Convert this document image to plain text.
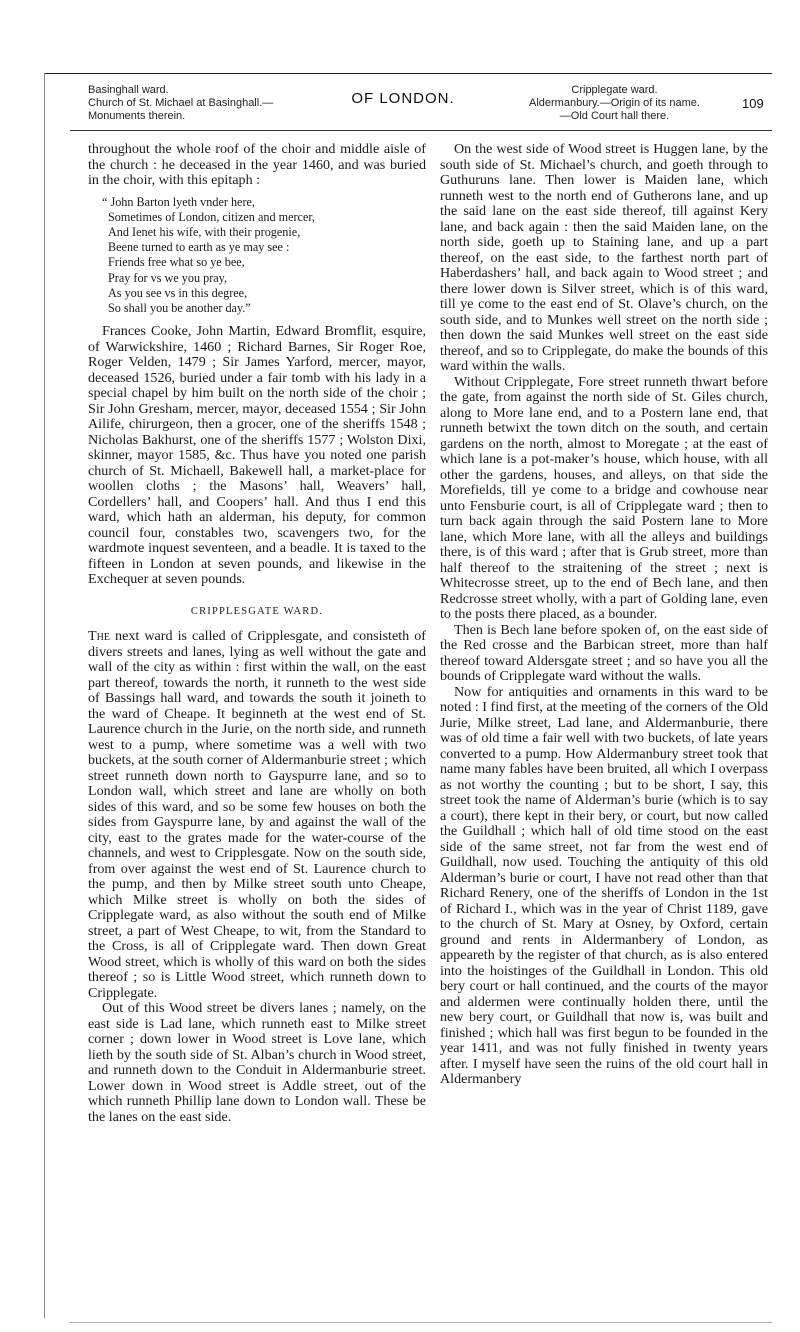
Basinghall ward.
Church of St. Michael at Basinghall.—
Monuments therein.
OF LONDON.	Cripplegate ward.
Aldermanbury.—Origin of its name.
—Old Court hall there.
109

throughout the whole roof of the choir and middle aisle of the church : he deceased in the year 1460, and was buried in the choir, with this epitaph :

“ John Barton lyeth vnder here,
Sometimes of London, citizen and mercer,
And Ienet his wife, with their progenie,
Beene turned to earth as ye may see :
Friends free what so ye bee,
Pray for vs we you pray,
As you see vs in this degree,
So shall you be another day.”

Frances Cooke, John Martin, Edward Bromflit, esquire, of Warwickshire, 1460 ; Richard Barnes, Sir Roger Roe, Roger Velden, 1479 ; Sir James Yarford, mercer, mayor, deceased 1526, buried under a fair tomb with his lady in a special chapel by him built on the north side of the choir ; Sir John Gresham, mercer, mayor, deceased 1554 ; Sir John Ailife, chirurgeon, then a grocer, one of the sheriffs 1548 ; Nicholas Bakhurst, one of the sheriffs 1577 ; Wolston Dixi, skinner, mayor 1585, &c. Thus have you noted one parish church of St. Michaell, Bakewell hall, a market-place for woollen cloths ; the Masons’ hall, Weavers’ hall, Cordellers’ hall, and Coopers’ hall. And thus I end this ward, which hath an alderman, his deputy, for common council four, constables two, scavengers two, for the wardmote inquest seventeen, and a beadle. It is taxed to the fifteen in London at seven pounds, and likewise in the Exchequer at seven pounds.

CRIPPLESGATE WARD.

The next ward is called of Cripplesgate, and consisteth of divers streets and lanes, lying as well without the gate and wall of the city as within : first within the wall, on the east part thereof, towards the north, it runneth to the west side of Bassings hall ward, and towards the south it joineth to the ward of Cheape. It beginneth at the west end of St. Laurence church in the Jurie, on the north side, and runneth west to a pump, where sometime was a well with two buckets, at the south corner of Aldermanburie street ; which street runneth down north to Gayspurre lane, and so to London wall, which street and lane are wholly on both sides of this ward, and so be some few houses on both the sides from Gayspurre lane, by and against the wall of the city, east to the grates made for the water-course of the channels, and west to Cripplesgate. Now on the south side, from over against the west end of St. Laurence church to the pump, and then by Milke street south unto Cheape, which Milke street is wholly on both the sides of Cripplegate ward, as also without the south end of Milke street, a part of West Cheape, to wit, from the Standard to the Cross, is all of Cripplegate ward. Then down Great Wood street, which is wholly of this ward on both the sides thereof ; so is Little Wood street, which runneth down to Cripplegate.

Out of this Wood street be divers lanes ; namely, on the east side is Lad lane, which runneth east to Milke street corner ; down lower in Wood street is Love lane, which lieth by the south side of St. Alban’s church in Wood street, and runneth down to the Conduit in Aldermanburie street. Lower down in Wood street is Addle street, out of the which runneth Phillip lane down to London wall. These be the lanes on the east side.

On the west side of Wood street is Huggen lane, by the south side of St. Michael’s church, and goeth through to Guthuruns lane. Then lower is Maiden lane, which runneth west to the north end of Gutherons lane, and up the said lane on the east side thereof, till against Kery lane, and back again : then the said Maiden lane, on the north side, goeth up to Staining lane, and up a part thereof, on the east side, to the farthest north part of Haberdashers’ hall, and back again to Wood street ; and there lower down is Silver street, which is of this ward, till ye come to the east end of St. Olave’s church, on the south side, and to Munkes well street on the north side ; then down the said Munkes well street on the east side thereof, and so to Cripplegate, do make the bounds of this ward within the walls.

Without Cripplegate, Fore street runneth thwart before the gate, from against the north side of St. Giles church, along to More lane end, and to a Postern lane end, that runneth betwixt the town ditch on the south, and certain gardens on the north, almost to Moregate ; at the east of which lane is a pot-maker’s house, which house, with all other the gardens, houses, and alleys, on that side the Morefields, till ye come to a bridge and cowhouse near unto Fensburie court, is all of Cripplegate ward ; then to turn back again through the said Postern lane to More lane, which More lane, with all the alleys and buildings there, is of this ward ; after that is Grub street, more than half thereof to the straitening of the street ; next is Whitecrosse street, up to the end of Bech lane, and then Redcrosse street wholly, with a part of Golding lane, even to the posts there placed, as a bounder.

Then is Bech lane before spoken of, on the east side of the Red crosse and the Barbican street, more than half thereof toward Aldersgate street ; and so have you all the bounds of Cripplegate ward without the walls.

Now for antiquities and ornaments in this ward to be noted : I find first, at the meeting of the corners of the Old Jurie, Milke street, Lad lane, and Aldermanburie, there was of old time a fair well with two buckets, of late years converted to a pump. How Aldermanbury street took that name many fables have been bruited, all which I overpass as not worthy the counting ; but to be short, I say, this street took the name of Alderman’s burie (which is to say a court), there kept in their bery, or court, but now called the Guildhall ; which hall of old time stood on the east side of the same street, not far from the west end of Guildhall, now used. Touching the antiquity of this old Alderman’s burie or court, I have not read other than that Richard Renery, one of the sheriffs of London in the 1st of Richard I., which was in the year of Christ 1189, gave to the church of St. Mary at Osney, by Oxford, certain ground and rents in Aldermanbery of London, as appeareth by the register of that church, as is also entered into the hoistinges of the Guildhall in London. This old bery court or hall continued, and the courts of the mayor and aldermen were continually holden there, until the new bery court, or Guildhall that now is, was built and finished ; which hall was first begun to be founded in the year 1411, and was not fully finished in twenty years after. I myself have seen the ruins of the old court hall in Aldermanbery
